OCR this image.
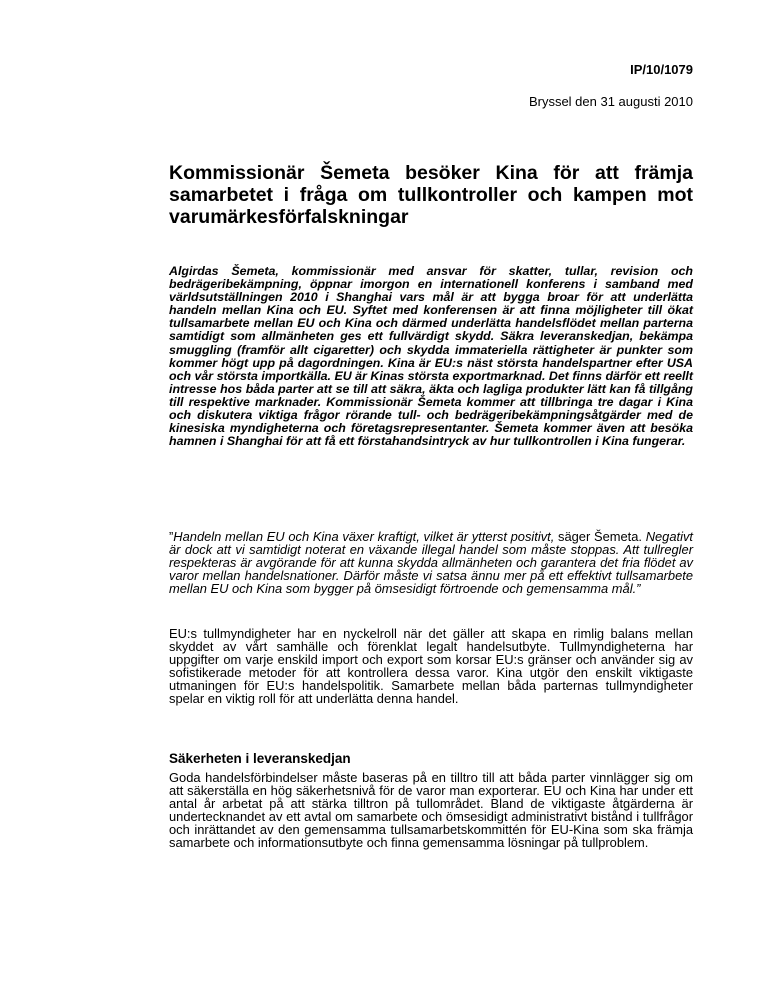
IP/10/1079
Bryssel den 31 augusti 2010
Kommissionär Šemeta besöker Kina för att främja samarbetet i fråga om tullkontroller och kampen mot varumärkesförfalskningar

Algirdas Šemeta, kommissionär med ansvar för skatter, tullar, revision och bedrägeribekämpning, öppnar imorgon en internationell konferens i samband med världsutställningen 2010 i Shanghai vars mål är att bygga broar för att underlätta handeln mellan Kina och EU. Syftet med konferensen är att finna möjligheter till ökat tullsamarbete mellan EU och Kina och därmed underlätta handelsflödet mellan parterna samtidigt som allmänheten ges ett fullvärdigt skydd. Säkra leveranskedjan, bekämpa smuggling (framför allt cigaretter) och skydda immateriella rättigheter är punkter som kommer högt upp på dagordningen. Kina är EU:s näst största handelspartner efter USA och vår största importkälla. EU är Kinas största exportmarknad. Det finns därför ett reellt intresse hos båda parter att se till att säkra, äkta och lagliga produkter lätt kan få tillgång till respektive marknader. Kommissionär Šemeta kommer att tillbringa tre dagar i Kina och diskutera viktiga frågor rörande tull- och bedrägeribekämpningsåtgärder med de kinesiska myndigheterna och företagsrepresentanter. Šemeta kommer även att besöka hamnen i Shanghai för att få ett förstahandsintryck av hur tullkontrollen i Kina fungerar.

”Handeln mellan EU och Kina växer kraftigt, vilket är ytterst positivt, säger Šemeta. Negativt är dock att vi samtidigt noterat en växande illegal handel som måste stoppas. Att tullregler respekteras är avgörande för att kunna skydda allmänheten och garantera det fria flödet av varor mellan handelsnationer. Därför måste vi satsa ännu mer på ett effektivt tullsamarbete mellan EU och Kina som bygger på ömsesidigt förtroende och gemensamma mål.”

EU:s tullmyndigheter har en nyckelroll när det gäller att skapa en rimlig balans mellan skyddet av vårt samhälle och förenklat legalt handelsutbyte. Tullmyndigheterna har uppgifter om varje enskild import och export som korsar EU:s gränser och använder sig av sofistikerade metoder för att kontrollera dessa varor. Kina utgör den enskilt viktigaste utmaningen för EU:s handelspolitik. Samarbete mellan båda parternas tullmyndigheter spelar en viktig roll för att underlätta denna handel.

Säkerheten i leveranskedjan

Goda handelsförbindelser måste baseras på en tilltro till att båda parter vinnlägger sig om att säkerställa en hög säkerhetsnivå för de varor man exporterar. EU och Kina har under ett antal år arbetat på att stärka tilltron på tullområdet. Bland de viktigaste åtgärderna är undertecknandet av ett avtal om samarbete och ömsesidigt administrativt bistånd i tullfrågor och inrättandet av den gemensamma tullsamarbetskommittén för EU-Kina som ska främja samarbete och informationsutbyte och finna gemensamma lösningar på tullproblem.
